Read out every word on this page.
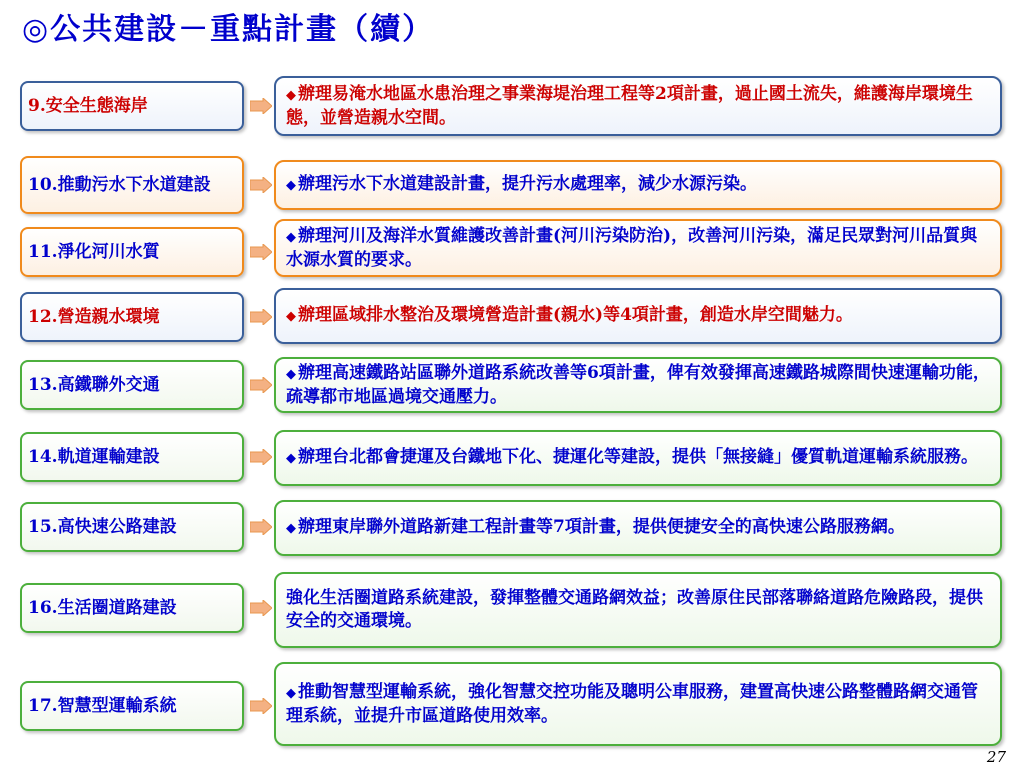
◎公共建設－重點計畫（續）
9.安全生態海岸
◆ 辦理易淹水地區水患治理之事業海堤治理工程等2項計畫，過止國土流失，維護海岸環境生態，並營造親水空間。
10.推動污水下水道建設	◆ 辦理污水下水道建設計畫，提升污水處理率，減少水源污染。
11.淨化河川水質
◆ 辦理河川及海洋水質維護改善計畫(河川污染防治)，改善河川污染，滿足民眾對河川品質與水源水質的要求。
12.營造親水環境	◆ 辦理區域排水整治及環境營造計畫(親水)等4項計畫，創造水岸空間魅力。
13.高鐵聯外交通
◆ 辦理高速鐵路站區聯外道路系統改善等6項計畫，俾有效發揮高速鐵路城際間快速運輸功能，疏導都市地區過境交通壓力。
14.軌道運輸建設	◆ 辦理台北都會捷運及台鐵地下化、捷運化等建設，提供「無接縫」優質軌道運輸系統服務。
15.高快速公路建設	◆ 辦理東岸聯外道路新建工程計畫等7項計畫，提供便捷安全的高快速公路服務網。
16.生活圈道路建設	強化生活圈道路系統建設，發揮整體交通路網效益；改善原住民部落聯絡道路危險路段，提供安全的交通環境。
17.智慧型運輸系統
◆ 推動智慧型運輸系統，強化智慧交控功能及聰明公車服務，建置高快速公路整體路網交通管理系統，並提升市區道路使用效率。
27
